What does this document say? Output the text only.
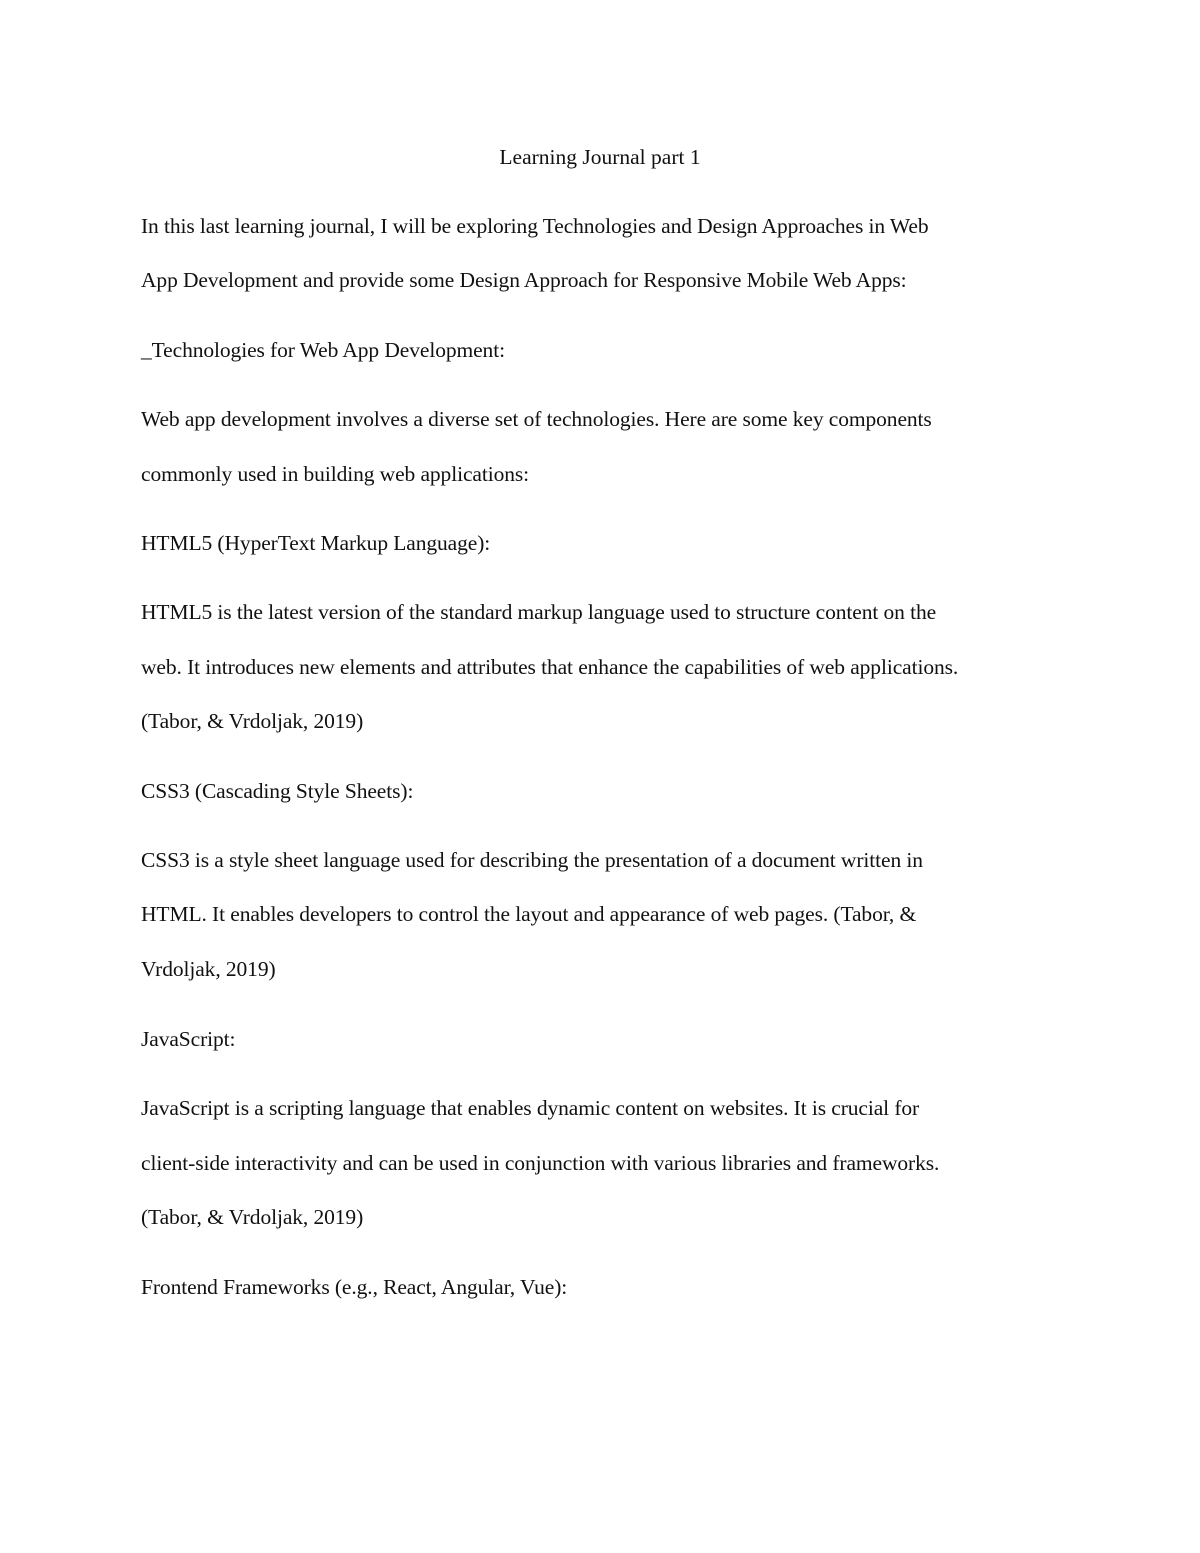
Learning Journal part 1
In this last learning journal, I will be exploring Technologies and Design Approaches in Web
App Development and provide some Design Approach for Responsive Mobile Web Apps:
_Technologies for Web App Development:
Web app development involves a diverse set of technologies. Here are some key components
commonly used in building web applications:
HTML5 (HyperText Markup Language):
HTML5 is the latest version of the standard markup language used to structure content on the
web. It introduces new elements and attributes that enhance the capabilities of web applications.
(Tabor, & Vrdoljak, 2019)
CSS3 (Cascading Style Sheets):
CSS3 is a style sheet language used for describing the presentation of a document written in
HTML. It enables developers to control the layout and appearance of web pages. (Tabor, &
Vrdoljak, 2019)
JavaScript:
JavaScript is a scripting language that enables dynamic content on websites. It is crucial for
client-side interactivity and can be used in conjunction with various libraries and frameworks.
(Tabor, & Vrdoljak, 2019)
Frontend Frameworks (e.g., React, Angular, Vue):
